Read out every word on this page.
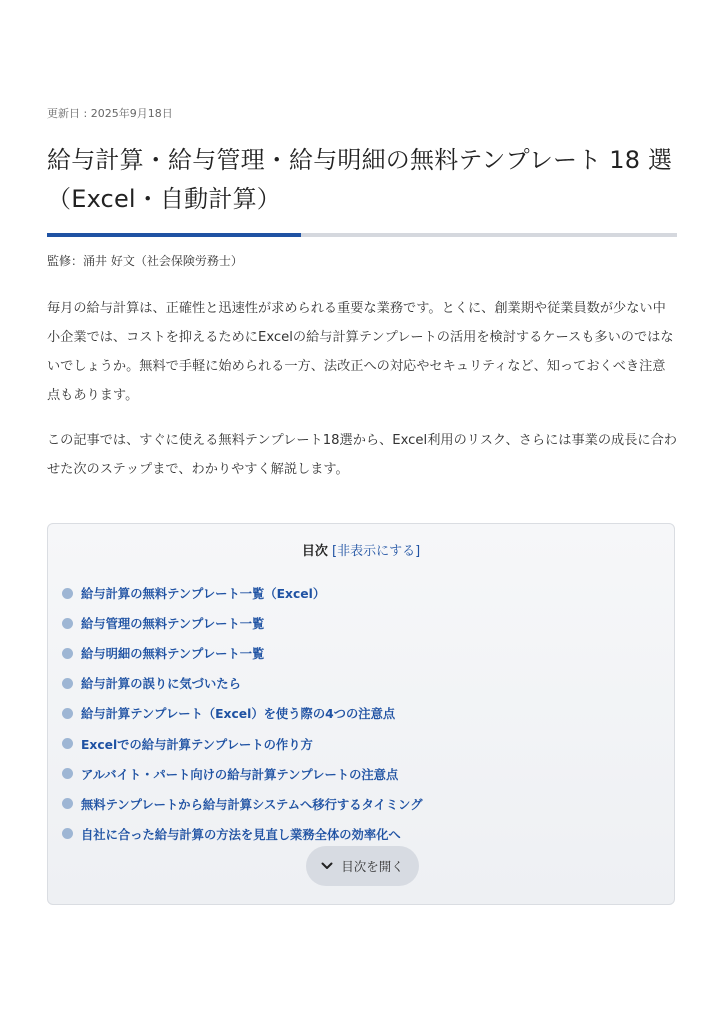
更新日 : 2025年9月18日
給与計算・給与管理・給与明細の無料テンプレート 18 選（Excel・自動計算）
監修：涌井 好文（社会保険労務士）

毎月の給与計算は、正確性と迅速性が求められる重要な業務です。とくに、創業期や従業員数が少ない中小企業では、コストを抑えるためにExcelの給与計算テンプレートの活用を検討するケースも多いのではないでしょうか。無料で手軽に始められる一方、法改正への対応やセキュリティなど、知っておくべき注意点もあります。

この記事では、すぐに使える無料テンプレート18選から、Excel利用のリスク、さらには事業の成長に合わせた次のステップまで、わかりやすく解説します。

目次 [非表示にする]
給与計算の無料テンプレート一覧（Excel）
給与管理の無料テンプレート一覧
給与明細の無料テンプレート一覧
給与計算の誤りに気づいたら
給与計算テンプレート（Excel）を使う際の4つの注意点
Excelでの給与計算テンプレートの作り方
アルバイト・パート向けの給与計算テンプレートの注意点
無料テンプレートから給与計算システムへ移行するタイミング
自社に合った給与計算の方法を見直し業務全体の効率化へ
目次を開く
